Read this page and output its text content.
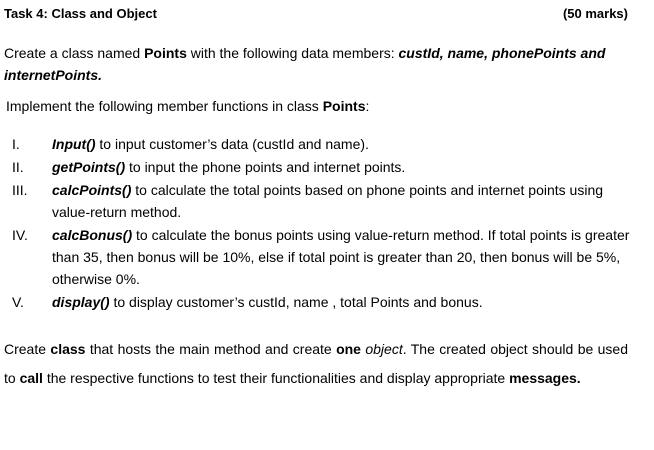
Task 4: Class and Object	(50 marks)
Create a class named Points with the following data members: custId, name, phonePoints and internetPoints.
Implement the following member functions in class Points:
I.	Input() to input customer’s data (custId and name).
II.	getPoints() to input the phone points and internet points.
III.	calcPoints() to calculate the total points based on phone points and internet points using value-return method.
IV.	calcBonus() to calculate the bonus points using value-return method. If total points is greater than 35, then bonus will be 10%, else if total point is greater than 20, then bonus will be 5%, otherwise 0%.
V.	display() to display customer’s custId, name , total Points and bonus.
Create class that hosts the main method and create one object. The created object should be used to call the respective functions to test their functionalities and display appropriate messages.
